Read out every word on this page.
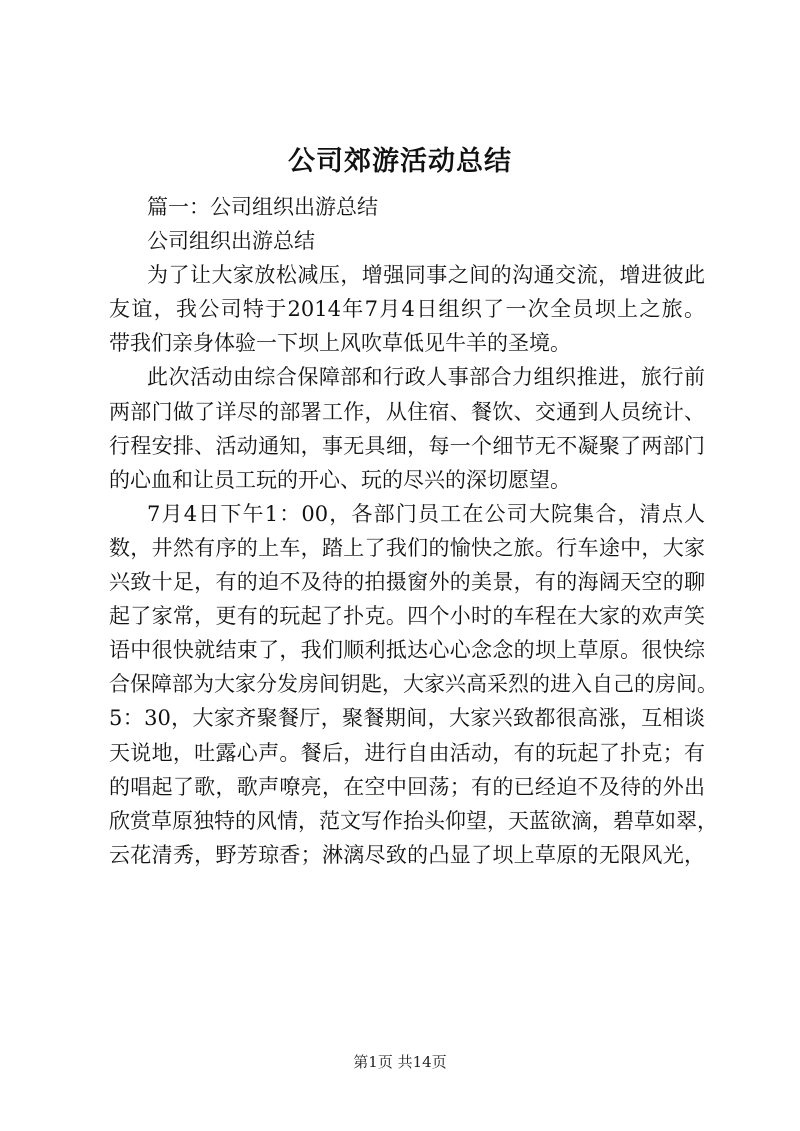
公司郊游活动总结
篇一：公司组织出游总结
公司组织出游总结
为了让大家放松减压，增强同事之间的沟通交流，增进彼此
友谊，我公司特于2014年7月4日组织了一次全员坝上之旅。
带我们亲身体验一下坝上风吹草低见牛羊的圣境。
此次活动由综合保障部和行政人事部合力组织推进，旅行前
两部门做了详尽的部署工作，从住宿、餐饮、交通到人员统计、
行程安排、活动通知，事无具细，每一个细节无不凝聚了两部门
的心血和让员工玩的开心、玩的尽兴的深切愿望。
7月4日下午1：00，各部门员工在公司大院集合，清点人
数，井然有序的上车，踏上了我们的愉快之旅。行车途中，大家
兴致十足，有的迫不及待的拍摄窗外的美景，有的海阔天空的聊
起了家常，更有的玩起了扑克。四个小时的车程在大家的欢声笑
语中很快就结束了，我们顺利抵达心心念念的坝上草原。很快综
合保障部为大家分发房间钥匙，大家兴高采烈的进入自己的房间。
5：30，大家齐聚餐厅，聚餐期间，大家兴致都很高涨，互相谈
天说地，吐露心声。餐后，进行自由活动，有的玩起了扑克；有
的唱起了歌，歌声嘹亮，在空中回荡；有的已经迫不及待的外出
欣赏草原独特的风情，范文写作抬头仰望，天蓝欲滴，碧草如翠，
云花清秀，野芳琼香；淋漓尽致的凸显了坝上草原的无限风光，
第1页 共14页
